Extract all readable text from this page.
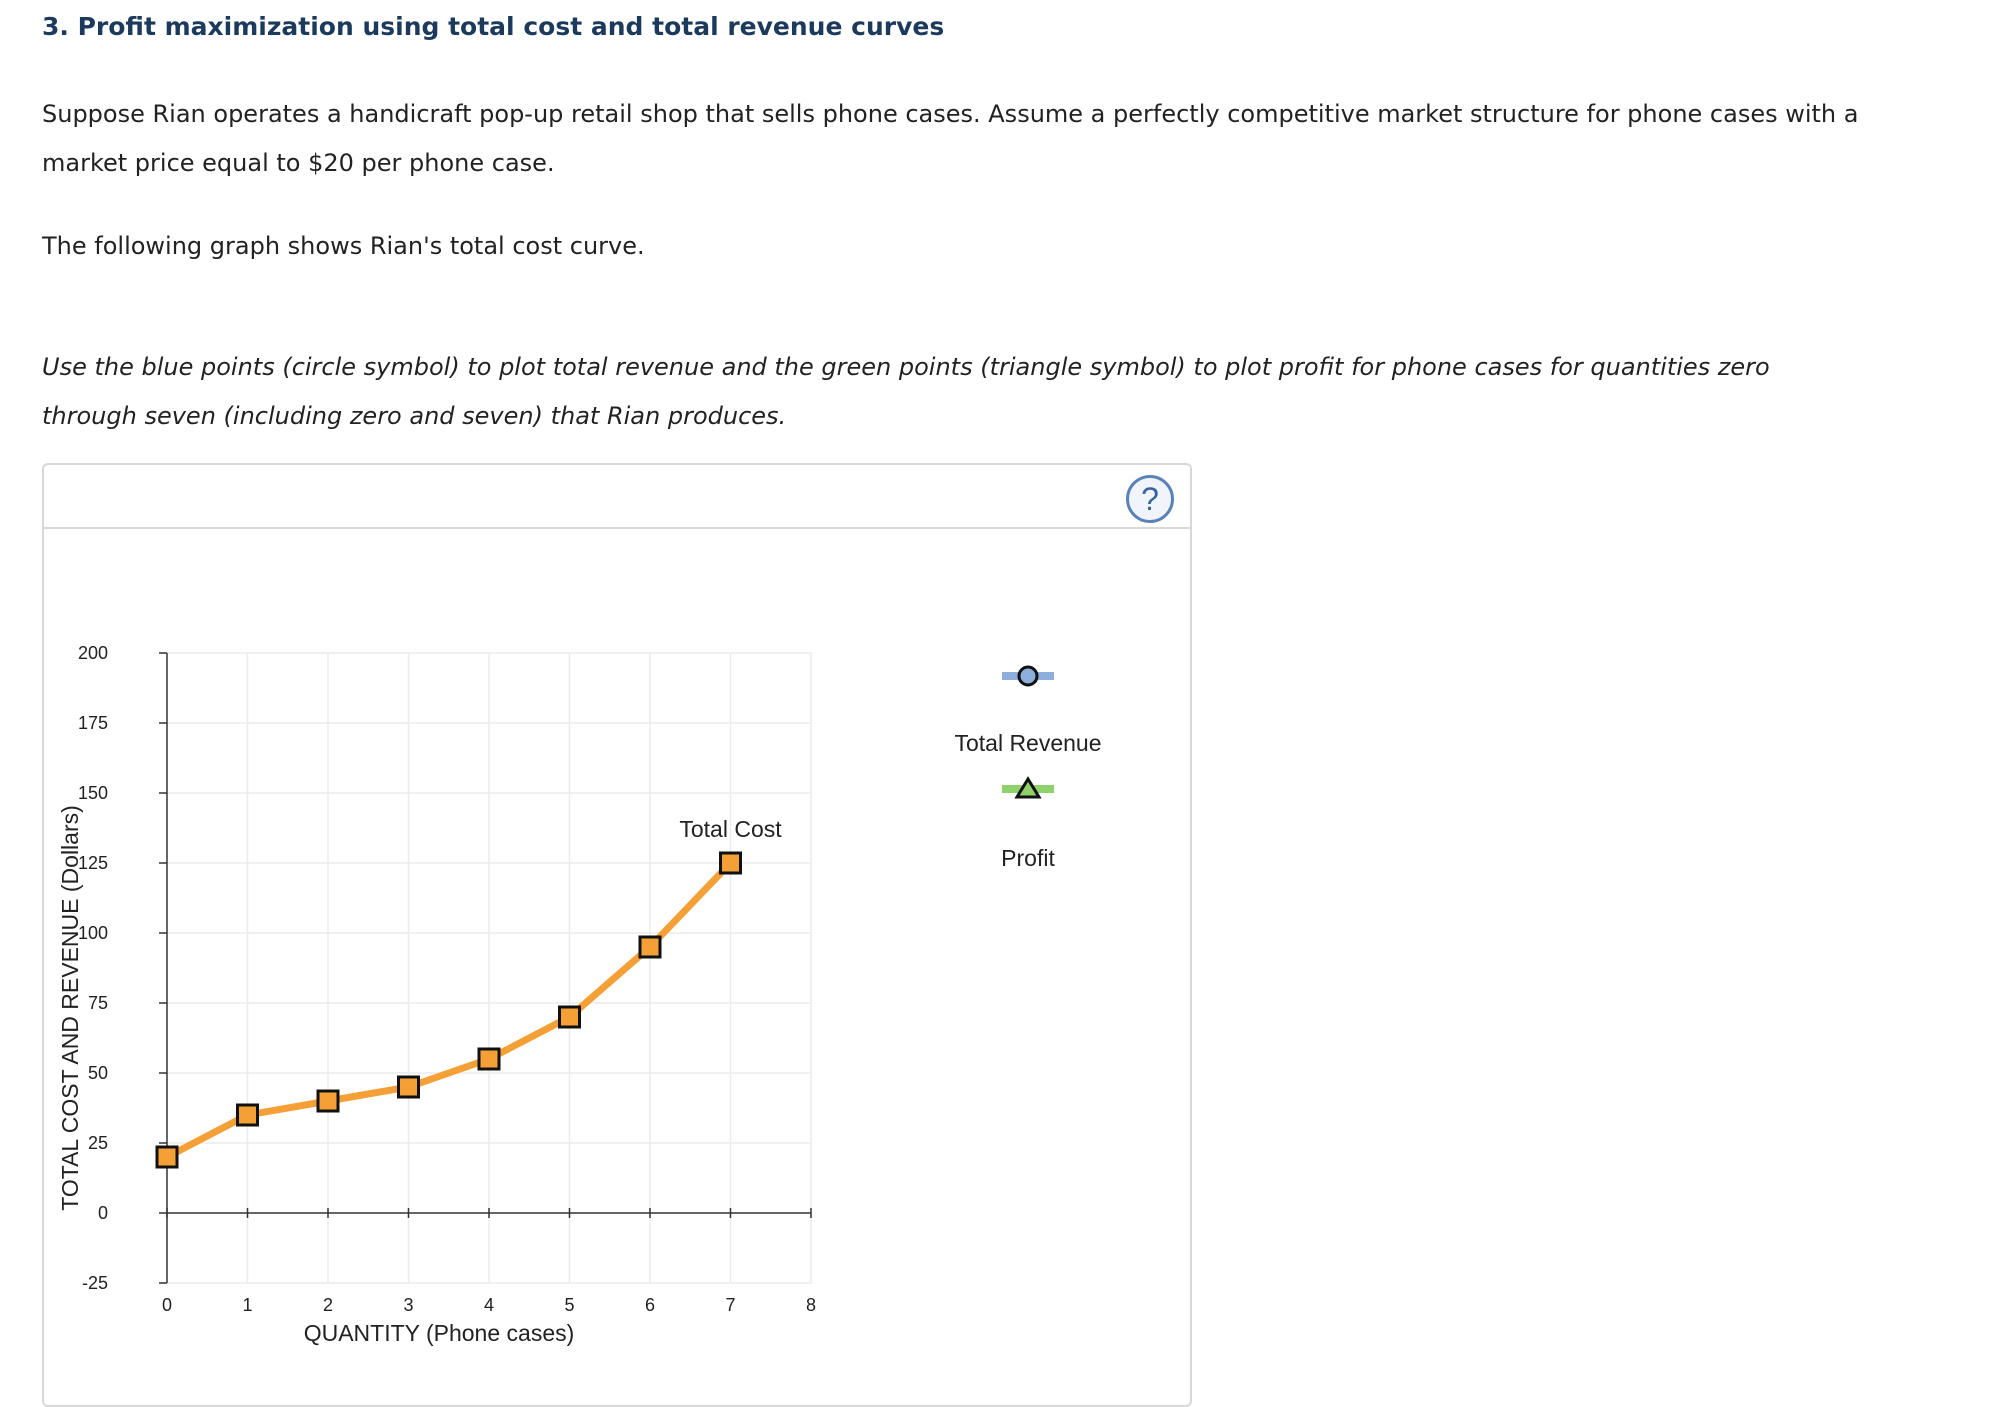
3. Profit maximization using total cost and total revenue curves

Suppose Rian operates a handicraft pop-up retail shop that sells phone cases. Assume a perfectly competitive market structure for phone cases with a

market price equal to $20 per phone case.

The following graph shows Rian's total cost curve.

Use the blue points (circle symbol) to plot total revenue and the green points (triangle symbol) to plot profit for phone cases for quantities zero

through seven (including zero and seven) that Rian produces.

?
-25
0
25
50
75
100
125
150
175
200
0	1	2	3	4	5	6	7	8
Total Cost
QUANTITY (Phone cases)
TOTAL COST AND REVENUE (Dollars)
Total Revenue
Profit
